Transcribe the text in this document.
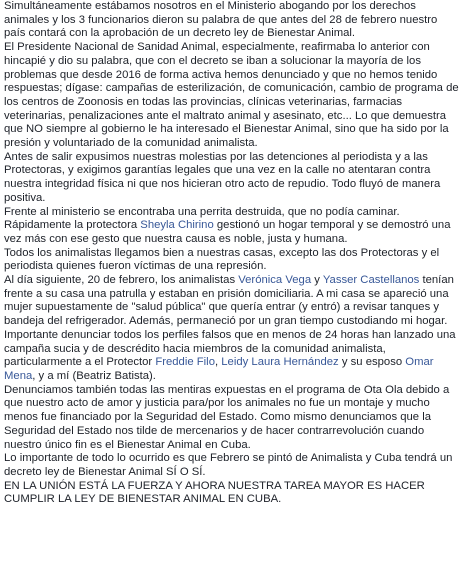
Simultáneamente estábamos nosotros en el Ministerio abogando por los derechos animales y los 3 funcionarios dieron su palabra de que antes del 28 de febrero nuestro país contará con la aprobación de un decreto ley de Bienestar Animal.

El Presidente Nacional de Sanidad Animal, especialmente, reafirmaba lo anterior con hincapié y dio su palabra, que con el decreto se iban a solucionar la mayoría de los problemas que desde 2016 de forma activa hemos denunciado y que no hemos tenido respuestas; dígase: campañas de esterilización, de comunicación, cambio de programa de los centros de Zoonosis en todas las provincias, clínicas veterinarias, farmacias veterinarias, penalizaciones ante el maltrato animal y asesinato, etc... Lo que demuestra que NO siempre al gobierno le ha interesado el Bienestar Animal, sino que ha sido por la presión y voluntariado de la comunidad animalista.

Antes de salir expusimos nuestras molestias por las detenciones al periodista y a las Protectoras, y exigimos garantías legales que una vez en la calle no atentaran contra nuestra integridad física ni que nos hicieran otro acto de repudio. Todo fluyó de manera positiva.

Frente al ministerio se encontraba una perrita destruida, que no podía caminar.

Rápidamente la protectora Sheyla Chirino gestionó un hogar temporal y se demostró una vez más con ese gesto que nuestra causa es noble, justa y humana.

Todos los animalistas llegamos bien a nuestras casas, excepto las dos Protectoras y el periodista quienes fueron víctimas de una represión.

Al día siguiente, 20 de febrero, los animalistas Verónica Vega y Yasser Castellanos tenían frente a su casa una patrulla y estaban en prisión domiciliaria. A mi casa se apareció una mujer supuestamente de "salud pública" que quería entrar (y entró) a revisar tanques y bandeja del refrigerador. Además, permaneció por un gran tiempo custodiando mi hogar.

Importante denunciar todos los perfiles falsos que en menos de 24 horas han lanzado una campaña sucia y de descrédito hacia miembros de la comunidad animalista, particularmente a el Protector Freddie Filo, Leidy Laura Hernández y su esposo Omar Mena, y a mí (Beatriz Batista).

Denunciamos también todas las mentiras expuestas en el programa de Ota Ola debido a que nuestro acto de amor y justicia para/por los animales no fue un montaje y mucho menos fue financiado por la Seguridad del Estado. Como mismo denunciamos que la Seguridad del Estado nos tilde de mercenarios y de hacer contrarrevolución cuando nuestro único fin es el Bienestar Animal en Cuba.

Lo importante de todo lo ocurrido es que Febrero se pintó de Animalista y Cuba tendrá un decreto ley de Bienestar Animal SÍ O SÍ.

EN LA UNIÓN ESTÁ LA FUERZA Y AHORA NUESTRA TAREA MAYOR ES HACER CUMPLIR LA LEY DE BIENESTAR ANIMAL EN CUBA.
